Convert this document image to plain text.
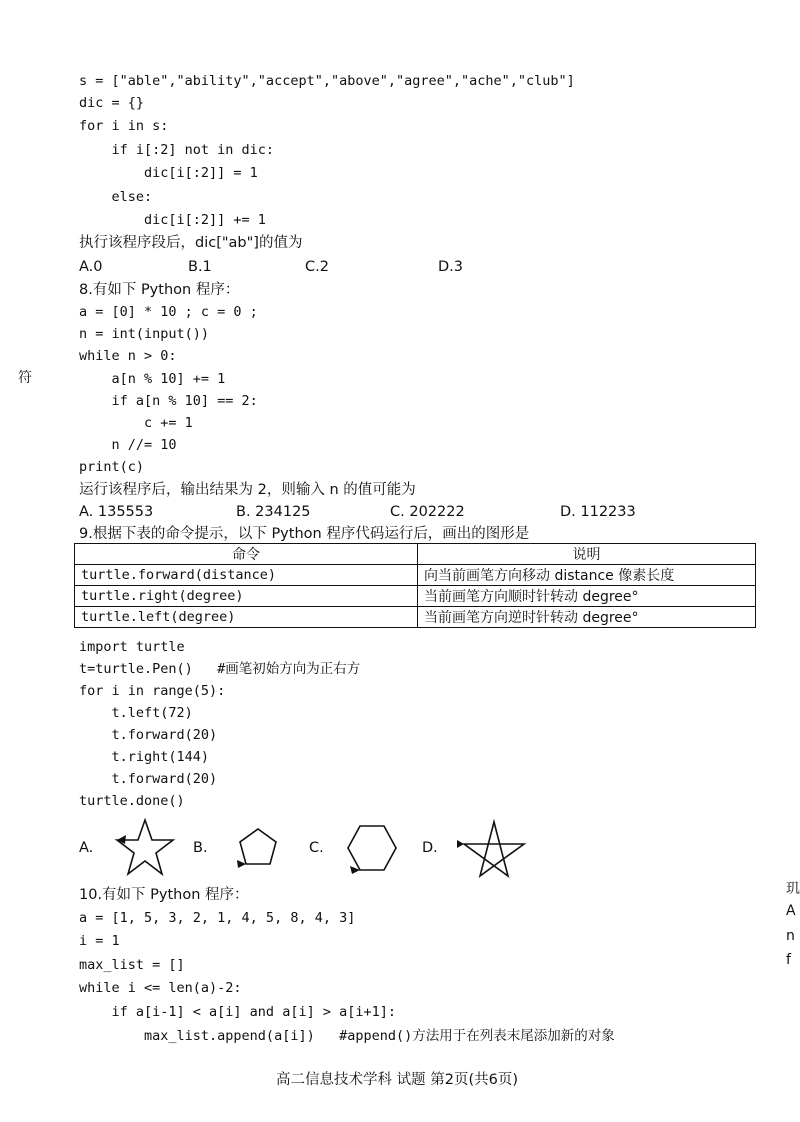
s = ["able","ability","accept","above","agree","ache","club"]
dic = {}
for i in s:
if i[:2] not in dic:
dic[i[:2]] = 1
else:
dic[i[:2]] += 1
执行该程序段后，dic["ab"]的值为
A.0	B.1	C.2	D.3
8.有如下 Python 程序：
a = [0] * 10 ; c = 0 ;
n = int(input())
while n > 0:
a[n % 10] += 1
if a[n % 10] == 2:
c += 1
n //= 10
print(c)
运行该程序后，输出结果为 2，则输入 n 的值可能为
A. 135553	B. 234125	C. 202222	D. 112233
符
9.根据下表的命令提示，以下 Python 程序代码运行后，画出的图形是
命令	说明
turtle.forward(distance)	向当前画笔方向移动 distance 像素长度
turtle.right(degree)	当前画笔方向顺时针转动 degree°
turtle.left(degree)	当前画笔方向逆时针转动 degree°
import turtle
t=turtle.Pen()   #画笔初始方向为正右方
for i in range(5):
t.left(72)
t.forward(20)
t.right(144)
t.forward(20)
turtle.done()
A.	B.	C.	D.
玑
A
n
f
10.有如下 Python 程序：
a = [1, 5, 3, 2, 1, 4, 5, 8, 4, 3]
i = 1
max_list = []
while i <= len(a)-2:
if a[i-1] < a[i] and a[i] > a[i+1]:
max_list.append(a[i])   #append()方法用于在列表末尾添加新的对象
高二信息技术学科 试题 第2页(共6页)
